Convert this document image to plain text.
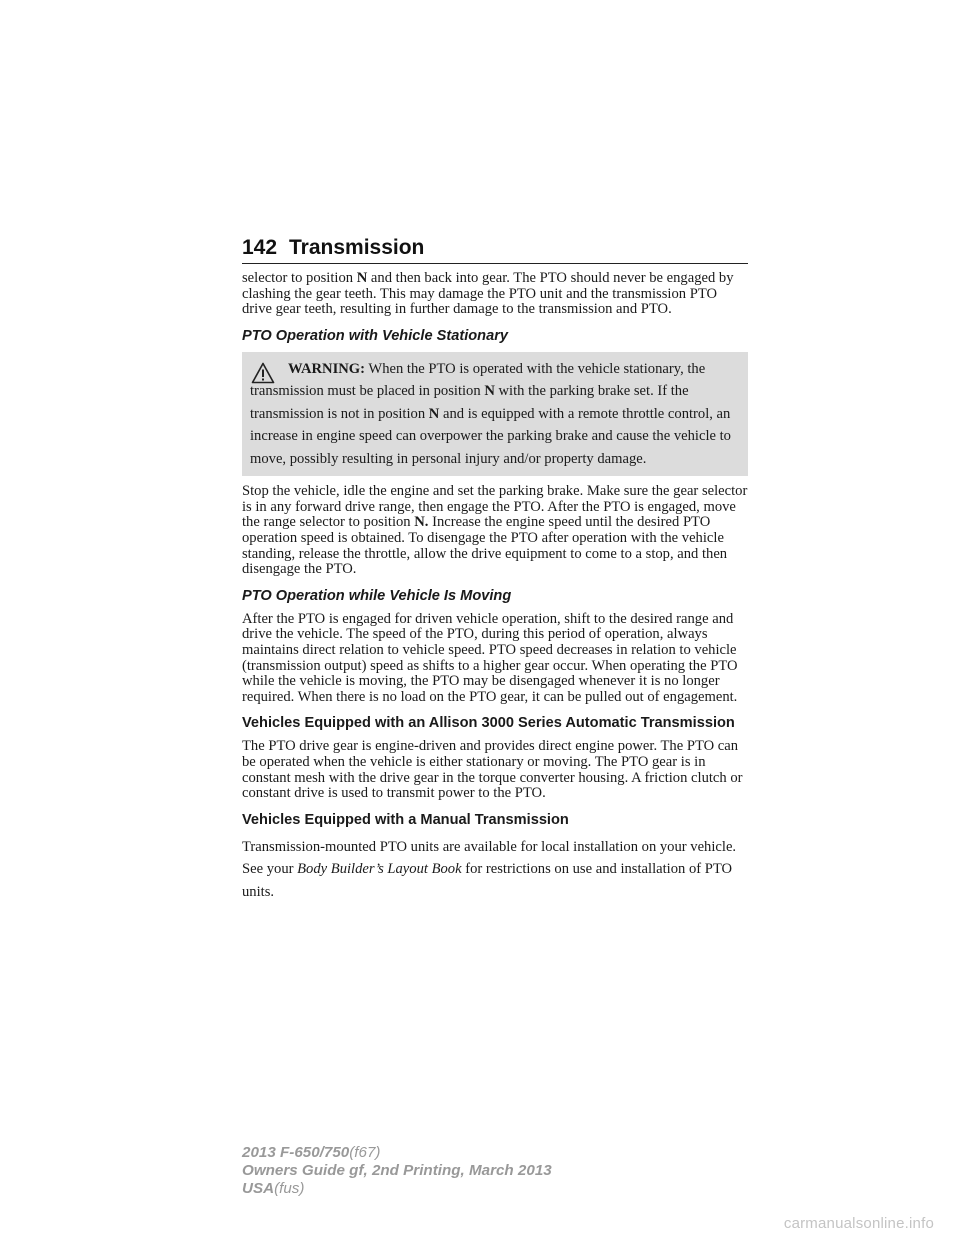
142 Transmission

selector to position N and then back into gear. The PTO should never be engaged by clashing the gear teeth. This may damage the PTO unit and the transmission PTO drive gear teeth, resulting in further damage to the transmission and PTO.

PTO Operation with Vehicle Stationary
WARNING: When the PTO is operated with the vehicle stationary, the transmission must be placed in position N with the parking brake set. If the transmission is not in position N and is equipped with a remote throttle control, an increase in engine speed can overpower the parking brake and cause the vehicle to move, possibly resulting in personal injury and/or property damage.

Stop the vehicle, idle the engine and set the parking brake. Make sure the gear selector is in any forward drive range, then engage the PTO. After the PTO is engaged, move the range selector to position N. Increase the engine speed until the desired PTO operation speed is obtained. To disengage the PTO after operation with the vehicle standing, release the throttle, allow the drive equipment to come to a stop, and then disengage the PTO.

PTO Operation while Vehicle Is Moving

After the PTO is engaged for driven vehicle operation, shift to the desired range and drive the vehicle. The speed of the PTO, during this period of operation, always maintains direct relation to vehicle speed. PTO speed decreases in relation to vehicle (transmission output) speed as shifts to a higher gear occur. When operating the PTO while the vehicle is moving, the PTO may be disengaged whenever it is no longer required. When there is no load on the PTO gear, it can be pulled out of engagement.

Vehicles Equipped with an Allison 3000 Series Automatic Transmission

The PTO drive gear is engine-driven and provides direct engine power. The PTO can be operated when the vehicle is either stationary or moving. The PTO gear is in constant mesh with the drive gear in the torque converter housing. A friction clutch or constant drive is used to transmit power to the PTO.

Vehicles Equipped with a Manual Transmission

Transmission-mounted PTO units are available for local installation on your vehicle. See your Body Builder’s Layout Book for restrictions on use and installation of PTO units.

2013 F-650/750(f67)
Owners Guide gf, 2nd Printing, March 2013
USA(fus)
carmanualsonline.info
